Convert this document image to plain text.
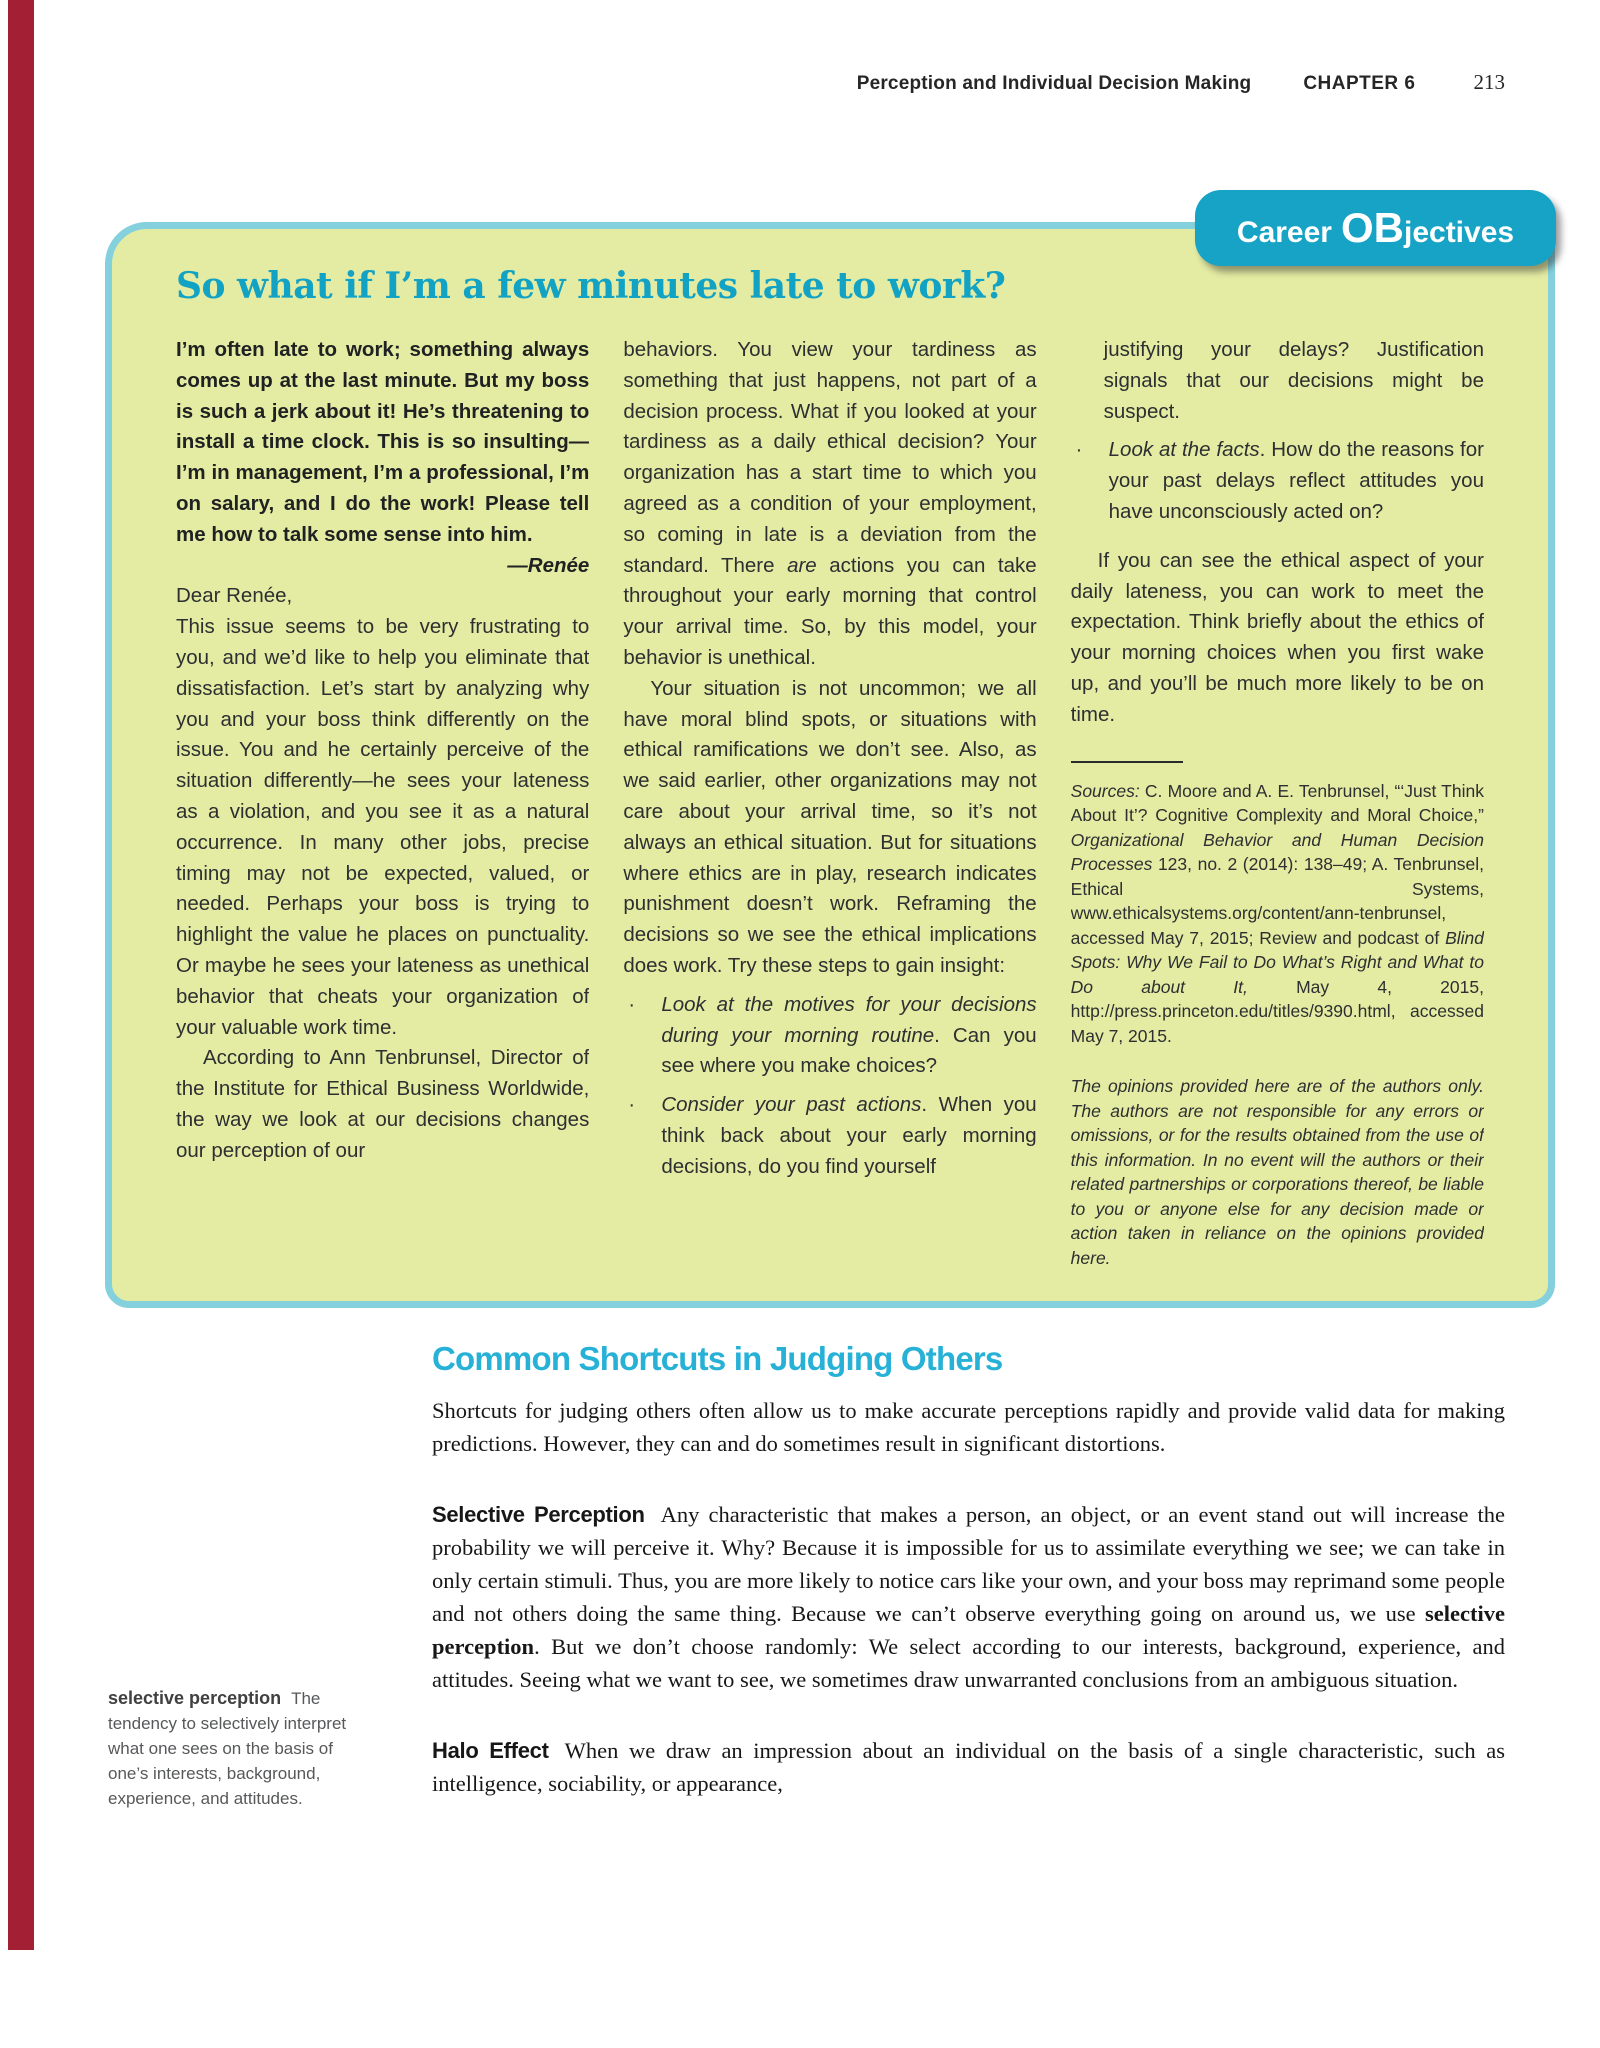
Perception and Individual Decision Making	CHAPTER 6	213
Career OB jectives
So what if I’m a few minutes late to work?
I’m often late to work; something always comes up at the last minute. But my boss is such a jerk about it! He’s threatening to install a time clock. This is so insulting—I’m in management, I’m a professional, I’m on salary, and I do the work! Please tell me how to talk some sense into him.
—Renée
Dear Renée,
This issue seems to be very frustrating to you, and we’d like to help you eliminate that dissatisfaction. Let’s start by analyzing why you and your boss think differently on the issue. You and he certainly perceive of the situation differently—he sees your lateness as a violation, and you see it as a natural occurrence. In many other jobs, precise timing may not be expected, valued, or needed. Perhaps your boss is trying to highlight the value he places on punctuality. Or maybe he sees your lateness as unethical behavior that cheats your organization of your valuable work time.
According to Ann Tenbrunsel, Director of the Institute for Ethical Business Worldwide, the way we look at our decisions changes our perception of our
behaviors. You view your tardiness as something that just happens, not part of a decision process. What if you looked at your tardiness as a daily ethical decision? Your organization has a start time to which you agreed as a condition of your employment, so coming in late is a deviation from the standard. There are actions you can take throughout your early morning that control your arrival time. So, by this model, your behavior is unethical.
Your situation is not uncommon; we all have moral blind spots, or situations with ethical ramifications we don’t see. Also, as we said earlier, other organizations may not care about your arrival time, so it’s not always an ethical situation. But for situations where ethics are in play, research indicates punishment doesn’t work. Reframing the decisions so we see the ethical implications does work. Try these steps to gain insight:
·	Look at the motives for your decisions during your morning routine. Can you see where you make choices?
·	Consider your past actions. When you think back about your early morning decisions, do you find yourself
justifying your delays? Justification signals that our decisions might be suspect.
·	Look at the facts. How do the reasons for your past delays reflect attitudes you have unconsciously acted on?
If you can see the ethical aspect of your daily lateness, you can work to meet the expectation. Think briefly about the ethics of your morning choices when you first wake up, and you’ll be much more likely to be on time.
Sources: C. Moore and A. E. Tenbrunsel, “‘Just Think About It’? Cognitive Complexity and Moral Choice,” Organizational Behavior and Human Decision Processes 123, no. 2 (2014): 138–49; A. Tenbrunsel, Ethical Systems, www.ethicalsystems.org/content/ann-tenbrunsel, accessed May 7, 2015; Review and podcast of Blind Spots: Why We Fail to Do What’s Right and What to Do about It, May 4, 2015, http://press.princeton.edu/titles/9390.html, accessed May 7, 2015.
The opinions provided here are of the authors only. The authors are not responsible for any errors or omissions, or for the results obtained from the use of this information. In no event will the authors or their related partnerships or corporations thereof, be liable to you or anyone else for any decision made or action taken in reliance on the opinions provided here.
Common Shortcuts in Judging Others
Shortcuts for judging others often allow us to make accurate perceptions rapidly and provide valid data for making predictions. However, they can and do sometimes result in significant distortions.
Selective Perception Any characteristic that makes a person, an object, or an event stand out will increase the probability we will perceive it. Why? Because it is impossible for us to assimilate everything we see; we can take in only certain stimuli. Thus, you are more likely to notice cars like your own, and your boss may reprimand some people and not others doing the same thing. Because we can’t observe everything going on around us, we use selective perception. But we don’t choose randomly: We select according to our interests, background, experience, and attitudes. Seeing what we want to see, we sometimes draw unwarranted conclusions from an ambiguous situation.
Halo Effect When we draw an impression about an individual on the basis of a single characteristic, such as intelligence, sociability, or appearance,
selective perception The tendency to selectively interpret what one sees on the basis of one’s interests, background, experience, and attitudes.
